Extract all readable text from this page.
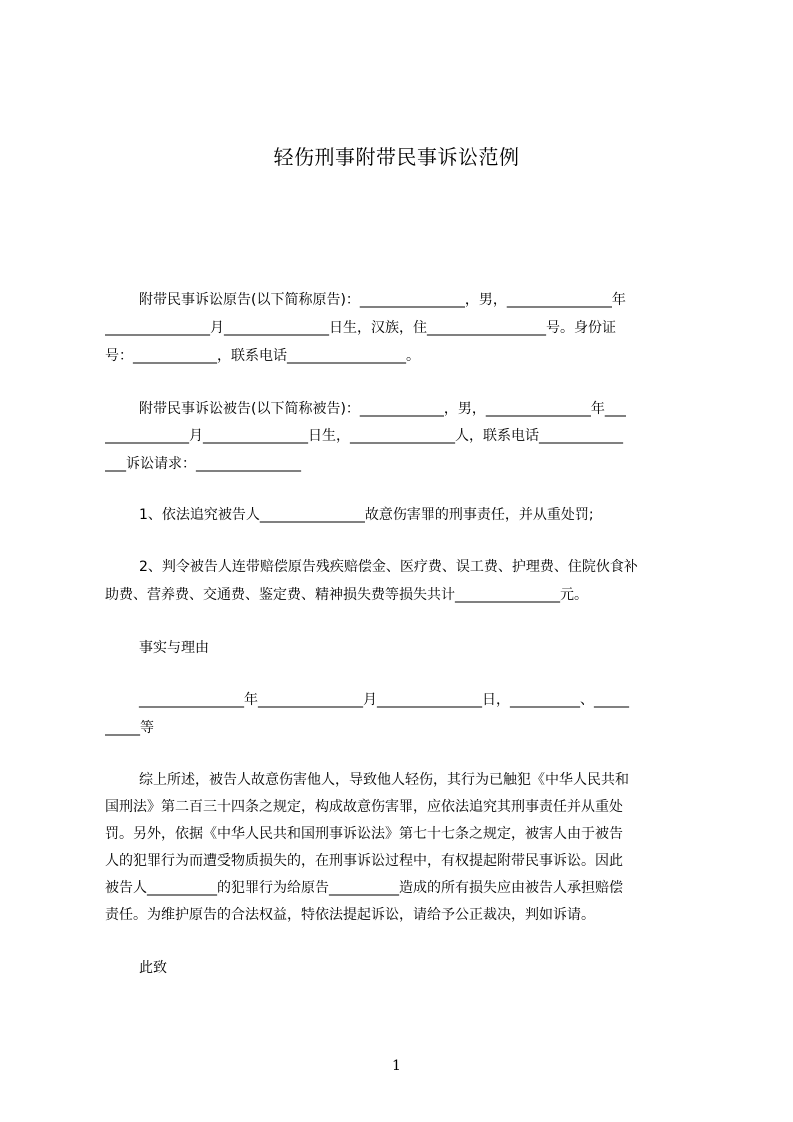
轻伤刑事附带民事诉讼范例
附带民事诉讼原告(以下简称原告)：_______________，男，_______________年
_______________月_______________日生，汉族，住_________________号。身份证
号：____________，联系电话_________________。
附带民事诉讼被告(以下简称被告)：____________，男，_______________年___
____________月_______________日生，_______________人，联系电话____________
___诉讼请求：_______________
1、依法追究被告人_______________故意伤害罪的刑事责任，并从重处罚;
2、判令被告人连带赔偿原告残疾赔偿金、医疗费、误工费、护理费、住院伙食补
助费、营养费、交通费、鉴定费、精神损失费等损失共计_______________元。
事实与理由
_______________年_______________月_______________日，__________、_____
_____等
综上所述，被告人故意伤害他人，导致他人轻伤，其行为已触犯《中华人民共和
国刑法》第二百三十四条之规定，构成故意伤害罪，应依法追究其刑事责任并从重处
罚。另外，依据《中华人民共和国刑事诉讼法》第七十七条之规定，被害人由于被告
人的犯罪行为而遭受物质损失的，在刑事诉讼过程中，有权提起附带民事诉讼。因此
被告人__________的犯罪行为给原告__________造成的所有损失应由被告人承担赔偿
责任。为维护原告的合法权益，特依法提起诉讼，请给予公正裁决，判如诉请。
此致
1
